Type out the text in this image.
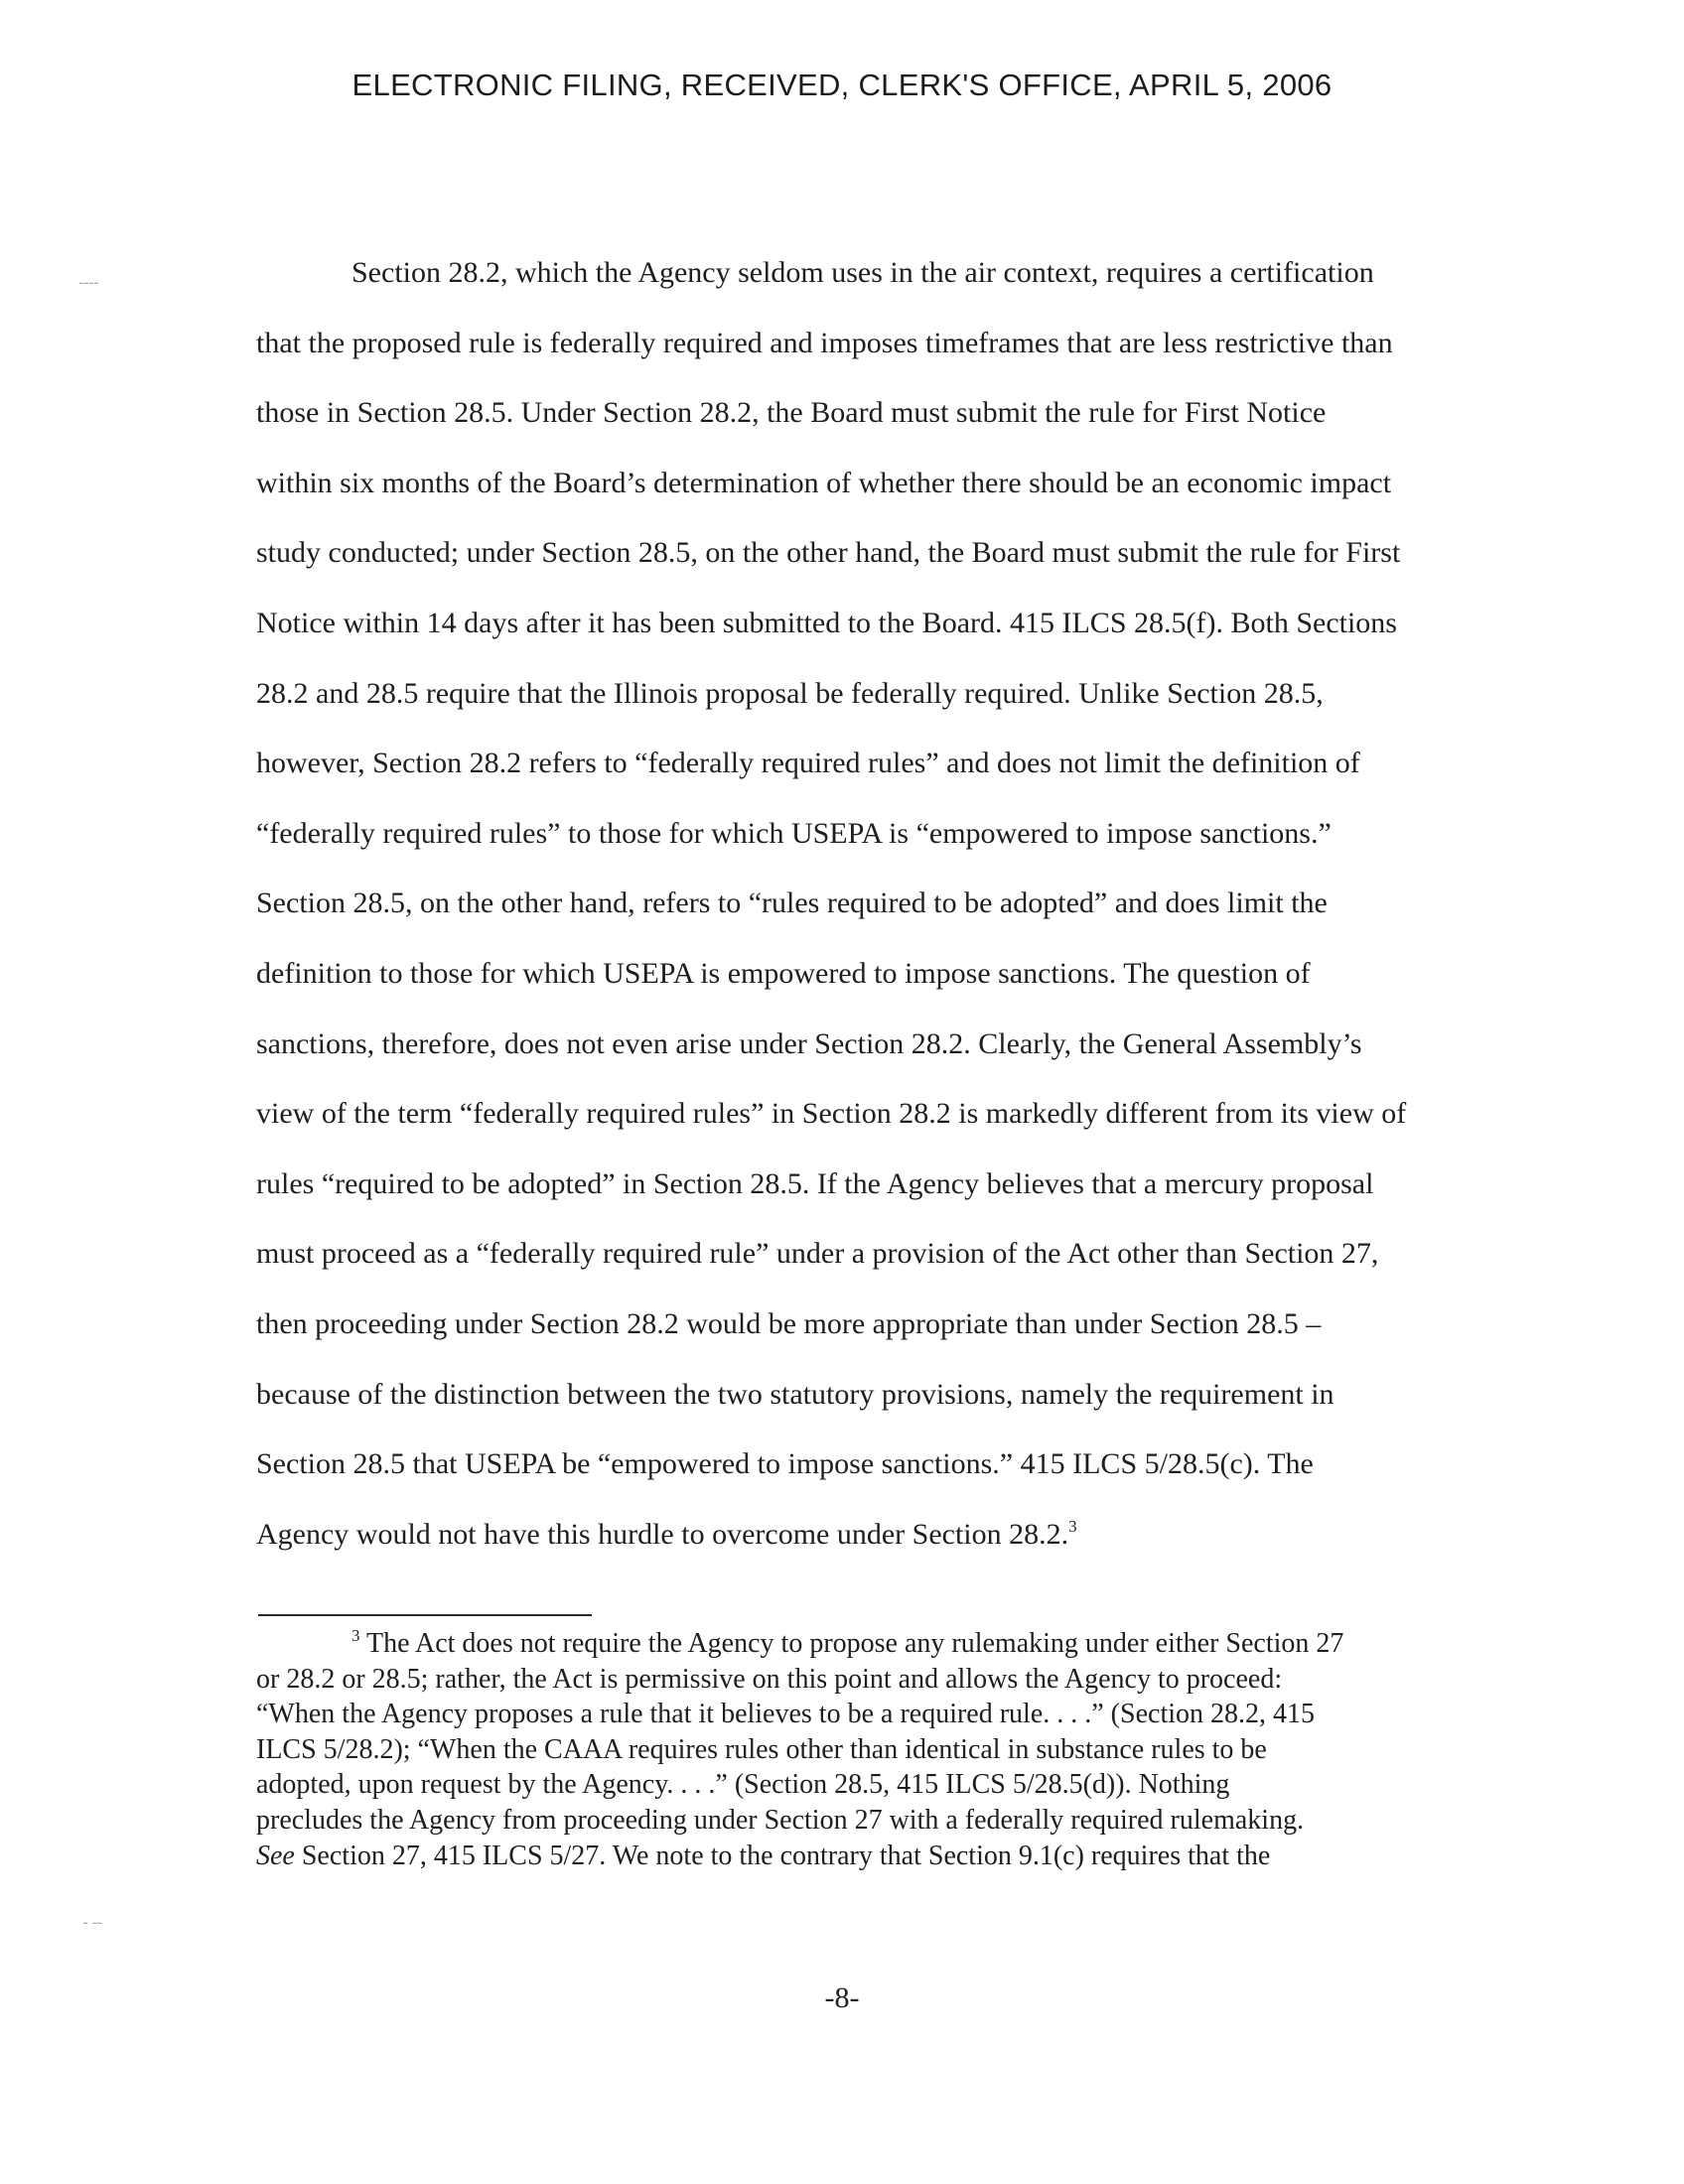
ELECTRONIC FILING, RECEIVED, CLERK'S OFFICE, APRIL 5, 2006
˜˜˜˜	Section 28.2, which the Agency seldom uses in the air context, requires a certification
that the proposed rule is federally required and imposes timeframes that are less restrictive than
those in Section 28.5. Under Section 28.2, the Board must submit the rule for First Notice
within six months of the Board’s determination of whether there should be an economic impact
study conducted; under Section 28.5, on the other hand, the Board must submit the rule for First
Notice within 14 days after it has been submitted to the Board. 415 ILCS 28.5(f). Both Sections
28.2 and 28.5 require that the Illinois proposal be federally required. Unlike Section 28.5,
however, Section 28.2 refers to “federally required rules” and does not limit the definition of
“federally required rules” to those for which USEPA is “empowered to impose sanctions.”
Section 28.5, on the other hand, refers to “rules required to be adopted” and does limit the
definition to those for which USEPA is empowered to impose sanctions. The question of
sanctions, therefore, does not even arise under Section 28.2. Clearly, the General Assembly’s
view of the term “federally required rules” in Section 28.2 is markedly different from its view of
rules “required to be adopted” in Section 28.5. If the Agency believes that a mercury proposal
must proceed as a “federally required rule” under a provision of the Act other than Section 27,
then proceeding under Section 28.2 would be more appropriate than under Section 28.5 –
because of the distinction between the two statutory provisions, namely the requirement in
Section 28.5 that USEPA be “empowered to impose sanctions.” 415 ILCS 5/28.5(c). The
Agency would not have this hurdle to overcome under Section 28.2.$^3$
$^3$ The Act does not require the Agency to propose any rulemaking under either Section 27
or 28.2 or 28.5; rather, the Act is permissive on this point and allows the Agency to proceed:
“When the Agency proposes a rule that it believes to be a required rule. . . .” (Section 28.2, 415
ILCS 5/28.2); “When the CAAA requires rules other than identical in substance rules to be
adopted, upon request by the Agency. . . .” (Section 28.5, 415 ILCS 5/28.5(d)). Nothing
precludes the Agency from proceeding under Section 27 with a federally required rulemaking.
See Section 27, 415 ILCS 5/27. We note to the contrary that Section 9.1(c) requires that the
˜ ˜˜
-8-
